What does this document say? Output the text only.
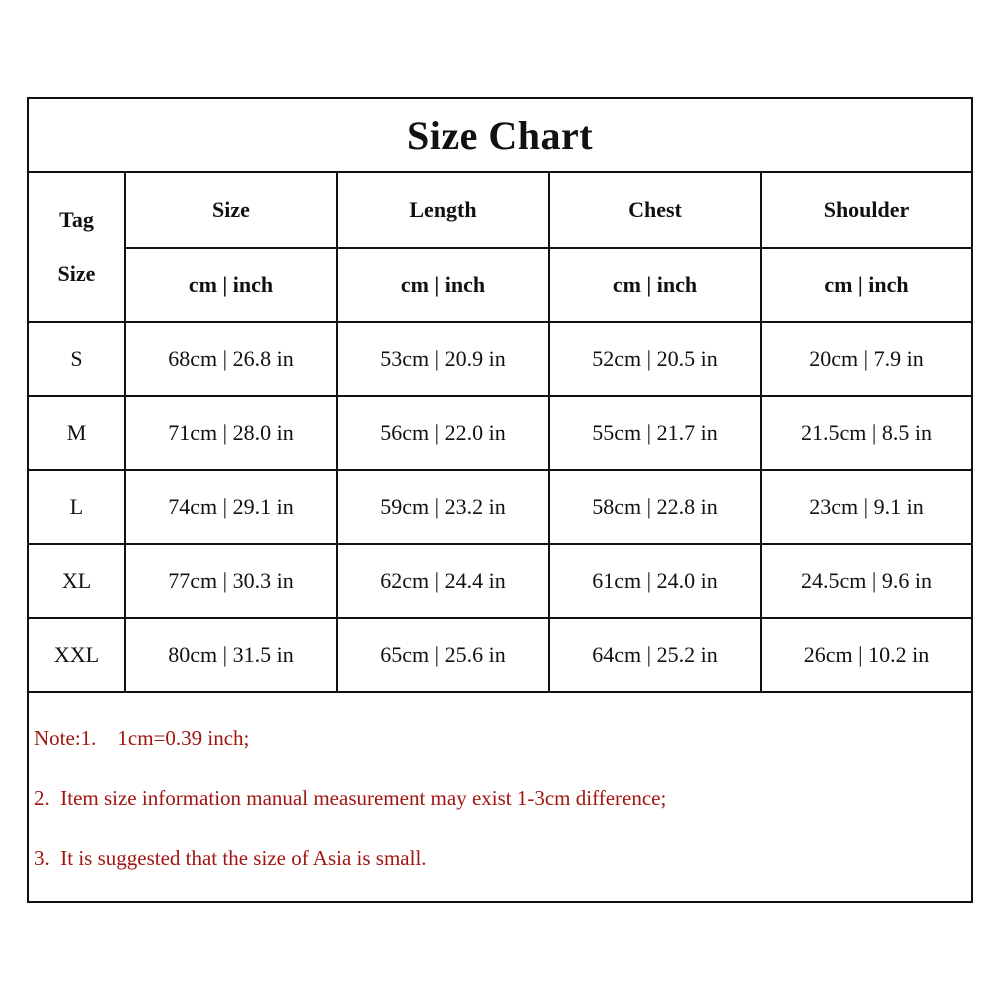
Size Chart
Tag
Size	Size	Length	Chest	Shoulder
	cm | inch	cm | inch	cm | inch	cm | inch
S	68cm | 26.8 in	53cm | 20.9 in	52cm | 20.5 in	20cm | 7.9 in
M	71cm | 28.0 in	56cm | 22.0 in	55cm | 21.7 in	21.5cm | 8.5 in
L	74cm | 29.1 in	59cm | 23.2 in	58cm | 22.8 in	23cm | 9.1 in
XL	77cm | 30.3 in	62cm | 24.4 in	61cm | 24.0 in	24.5cm | 9.6 in
XXL	80cm | 31.5 in	65cm | 25.6 in	64cm | 25.2 in	26cm | 10.2 in
Note:1.    1cm=0.39 inch;
2.  Item size information manual measurement may exist 1-3cm difference;
3.  It is suggested that the size of Asia is small.
